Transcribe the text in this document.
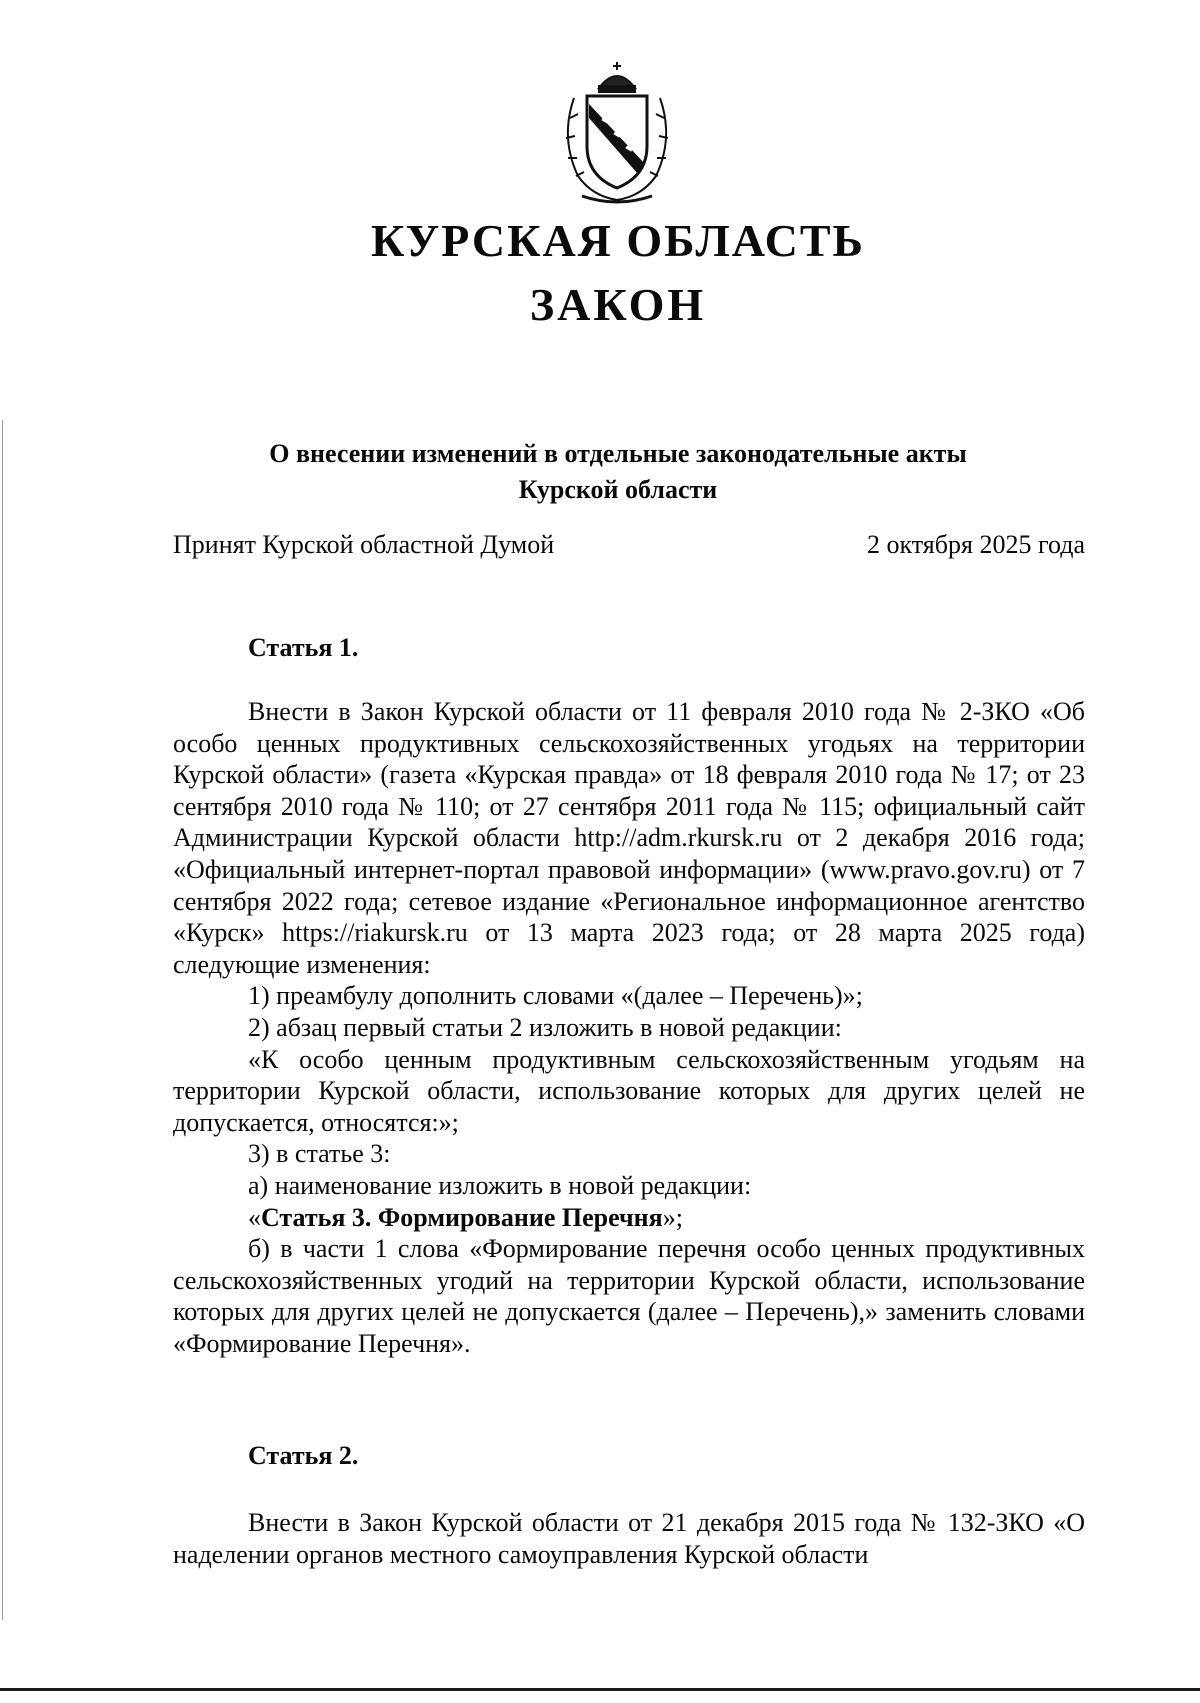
КУРСКАЯ ОБЛАСТЬ
ЗАКОН
О внесении изменений в отдельные законодательные акты
Курской области
Принят Курской областной Думой	2 октября 2025 года
Статья 1.

Внести в Закон Курской области от 11 февраля 2010 года № 2-ЗКО «Об особо ценных продуктивных сельскохозяйственных угодьях на территории Курской области» (газета «Курская правда» от 18 февраля 2010 года № 17; от 23 сентября 2010 года № 110; от 27 сентября 2011 года № 115; официальный сайт Администрации Курской области http://adm.rkursk.ru от 2 декабря 2016 года; «Официальный интернет-портал правовой информации» (www.pravo.gov.ru) от 7 сентября 2022 года; сетевое издание «Региональное информационное агентство «Курск» https://riakursk.ru от 13 марта 2023 года; от 28 марта 2025 года) следующие изменения:

1) преамбулу дополнить словами «(далее – Перечень)»;

2) абзац первый статьи 2 изложить в новой редакции:

«К особо ценным продуктивным сельскохозяйственным угодьям на территории Курской области, использование которых для других целей не допускается, относятся:»;

3) в статье 3:

а) наименование изложить в новой редакции:

«Статья 3. Формирование Перечня»;

б) в части 1 слова «Формирование перечня особо ценных продуктивных сельскохозяйственных угодий на территории Курской области, использование которых для других целей не допускается (далее – Перечень),» заменить словами «Формирование Перечня».

Статья 2.

Внести в Закон Курской области от 21 декабря 2015 года № 132-ЗКО «О наделении органов местного самоуправления Курской области
